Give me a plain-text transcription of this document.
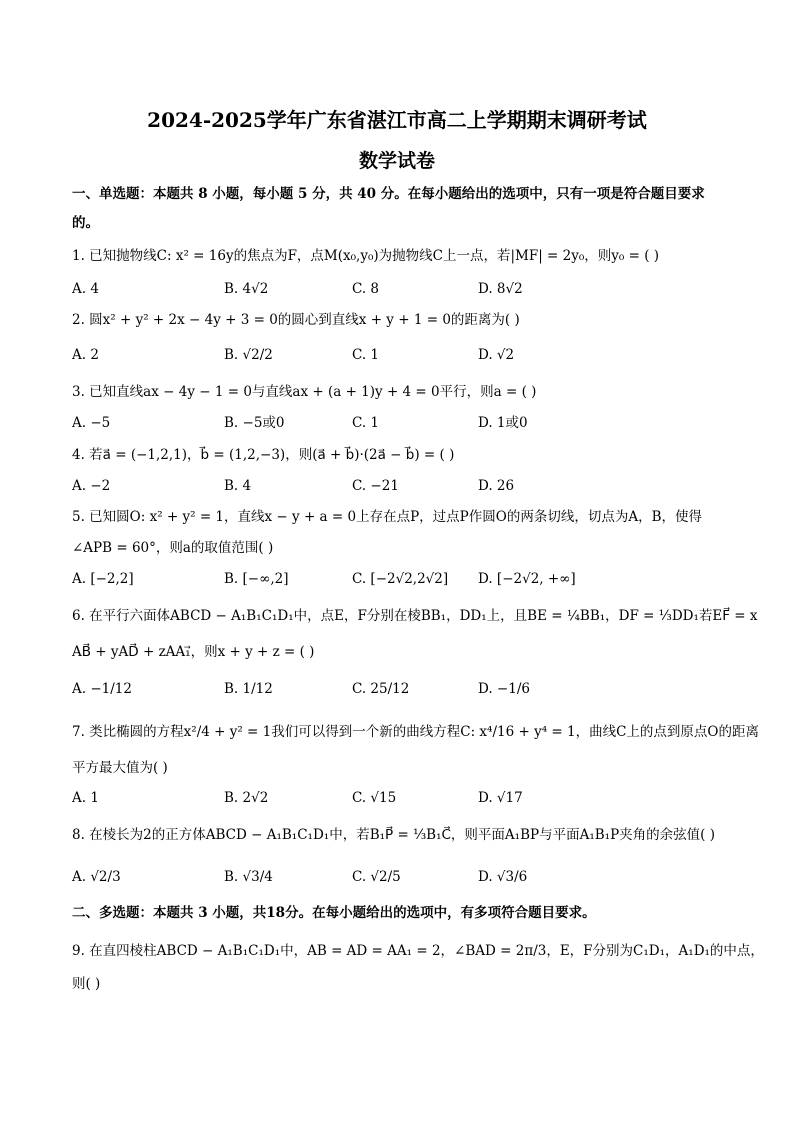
2024-2025学年广东省湛江市高二上学期期末调研考试
数学试卷
一、单选题：本题共 8 小题，每小题 5 分，共 40 分。在每小题给出的选项中，只有一项是符合题目要求
的。
1. 已知抛物线C: x² = 16y的焦点为F，点M(x₀,y₀)为抛物线C上一点，若|MF| = 2y₀，则y₀ = ( )
A. 4	B. 4√2	C. 8	D. 8√2
2. 圆x² + y² + 2x − 4y + 3 = 0的圆心到直线x + y + 1 = 0的距离为( )
A. 2	B. √2/2	C. 1	D. √2
3. 已知直线ax − 4y − 1 = 0与直线ax + (a + 1)y + 4 = 0平行，则a = ( )
A. −5	B. −5或0	C. 1	D. 1或0
4. 若a⃗ = (−1,2,1)，b⃗ = (1,2,−3)，则(a⃗ + b⃗)·(2a⃗ − b⃗) = ( )
A. −2	B. 4	C. −21	D. 26
5. 已知圆O: x² + y² = 1，直线x − y + a = 0上存在点P，过点P作圆O的两条切线，切点为A，B，使得
∠APB = 60°，则a的取值范围( )
A. [−2,2]	B. [−∞,2]	C. [−2√2,2√2] D. [−2√2, +∞]
6. 在平行六面体ABCD − A₁B₁C₁D₁中，点E，F分别在棱BB₁，DD₁上，且BE = ¼BB₁，DF = ⅓DD₁若EF⃗ = x
AB⃗ + yAD⃗ + zAA₁⃗，则x + y + z = ( )
A. −1/12	B. 1/12	C. 25/12	D. −1/6
7. 类比椭圆的方程x²/4 + y² = 1我们可以得到一个新的曲线方程C: x⁴/16 + y⁴ = 1，曲线C上的点到原点O的距离
平方最大值为( )
A. 1	B. 2√2	C. √15	D. √17
8. 在棱长为2的正方体ABCD − A₁B₁C₁D₁中，若B₁P⃗ = ⅓B₁C⃗，则平面A₁BP与平面A₁B₁P夹角的余弦值( )
A. √2/3	B. √3/4	C. √2/5	D. √3/6
二、多选题：本题共 3 小题，共18分。在每小题给出的选项中，有多项符合题目要求。
9. 在直四棱柱ABCD − A₁B₁C₁D₁中，AB = AD = AA₁ = 2，∠BAD = 2π/3，E，F分别为C₁D₁，A₁D₁的中点，
则( )
